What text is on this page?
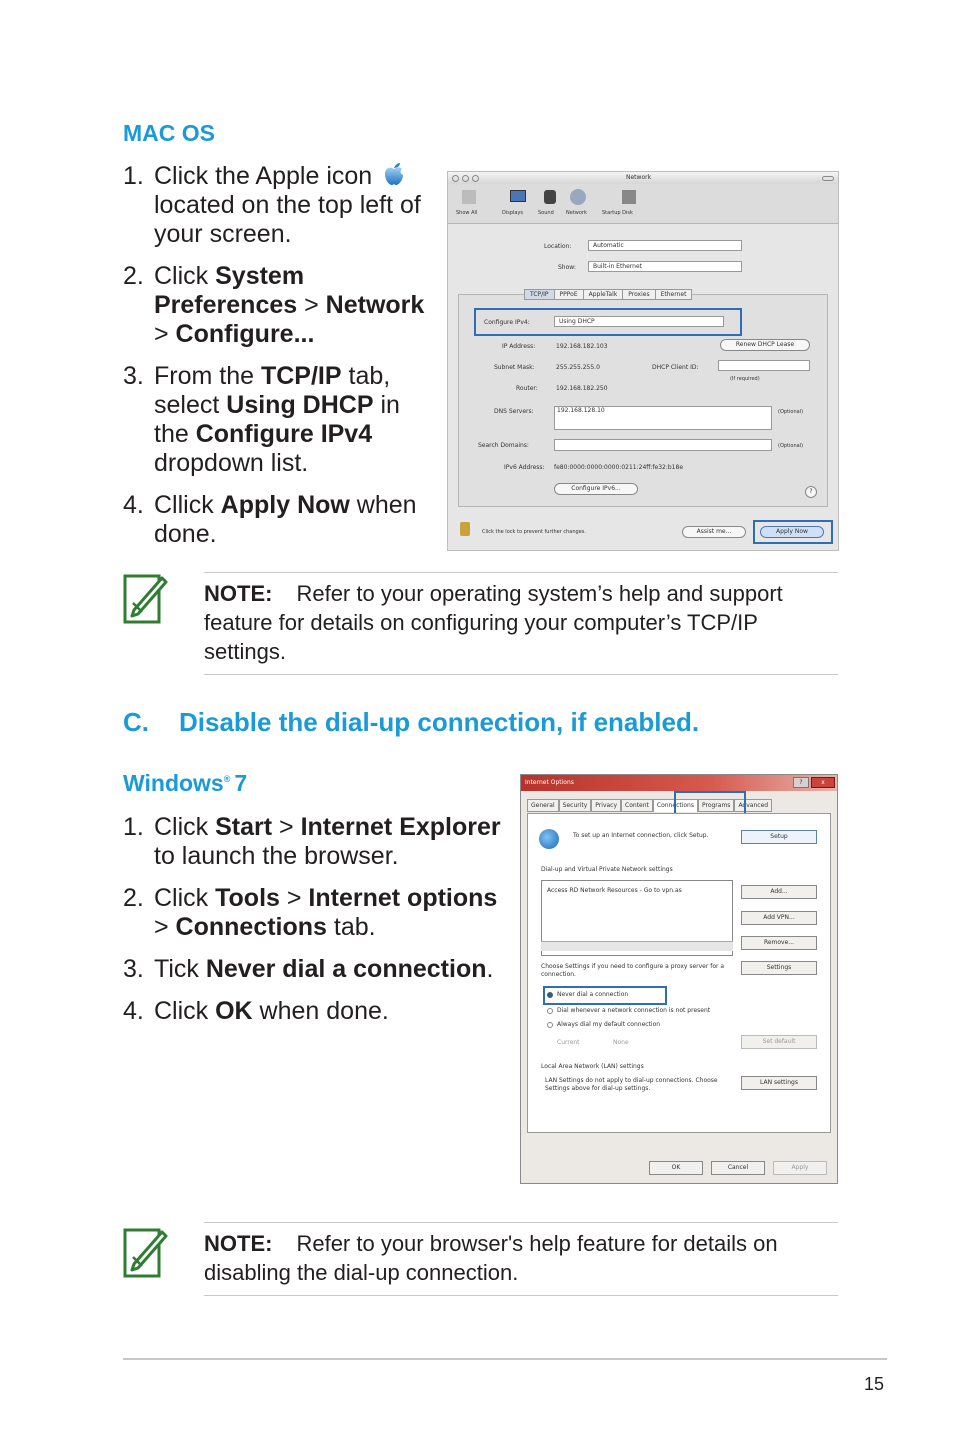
MAC OS
1. Click the Apple icon  located on the top left of your screen.
2. Click System Preferences > Network > Configure...
3. From the TCP/IP tab, select Using DHCP in the Configure IPv4 dropdown list.
4. Cllick Apply Now when done.
Network
Show All	Displays	Sound Network	Startup Disk
Location:	Automatic
Show:	Built-in Ethernet
TCP/IP	PPPoE	AppleTalk	Proxies	Ethernet
Configure IPv4:	Using DHCP
IP Address:	192.168.182.103	Renew DHCP Lease
Subnet Mask:	255.255.255.0	DHCP Client ID:
(If required)
Router:	192.168.182.250
DNS Servers:	192.168.128.10	(Optional)
Search Domains:	(Optional)
IPv6 Address: fe80:0000:0000:0000:0211:24ff:fe32:b18e
Configure IPv6...	?
Click the lock to prevent further changes.	Assist me...	Apply Now
NOTE: Refer to your operating system’s help and support feature for details on configuring your computer’s TCP/IP settings.
C. Disable the dial-up connection, if enabled.
Windows® 7
1. Click Start > Internet Explorer to launch the browser.
2. Click Tools > Internet options > Connections tab.
3. Tick Never dial a connection.
4. Click OK when done.
Internet Options	?	x
General	Security	Privacy	Content	Connections	Programs	Advanced
To set up an Internet connection, click Setup.	Setup
Dial-up and Virtual Private Network settings
Access RD Network Resources - Go to vpn.as	Add...
Add VPN...
Remove...
Choose Settings if you need to configure a proxy server for a connection.
Settings
Never dial a connection
Dial whenever a network connection is not present
Always dial my default connection
Current	None	Set default
Local Area Network (LAN) settings
LAN Settings do not apply to dial-up connections. Choose Settings above for dial-up settings.
LAN settings
OK	Cancel	Apply
NOTE: Refer to your browser's help feature for details on disabling the dial-up connection.
15
